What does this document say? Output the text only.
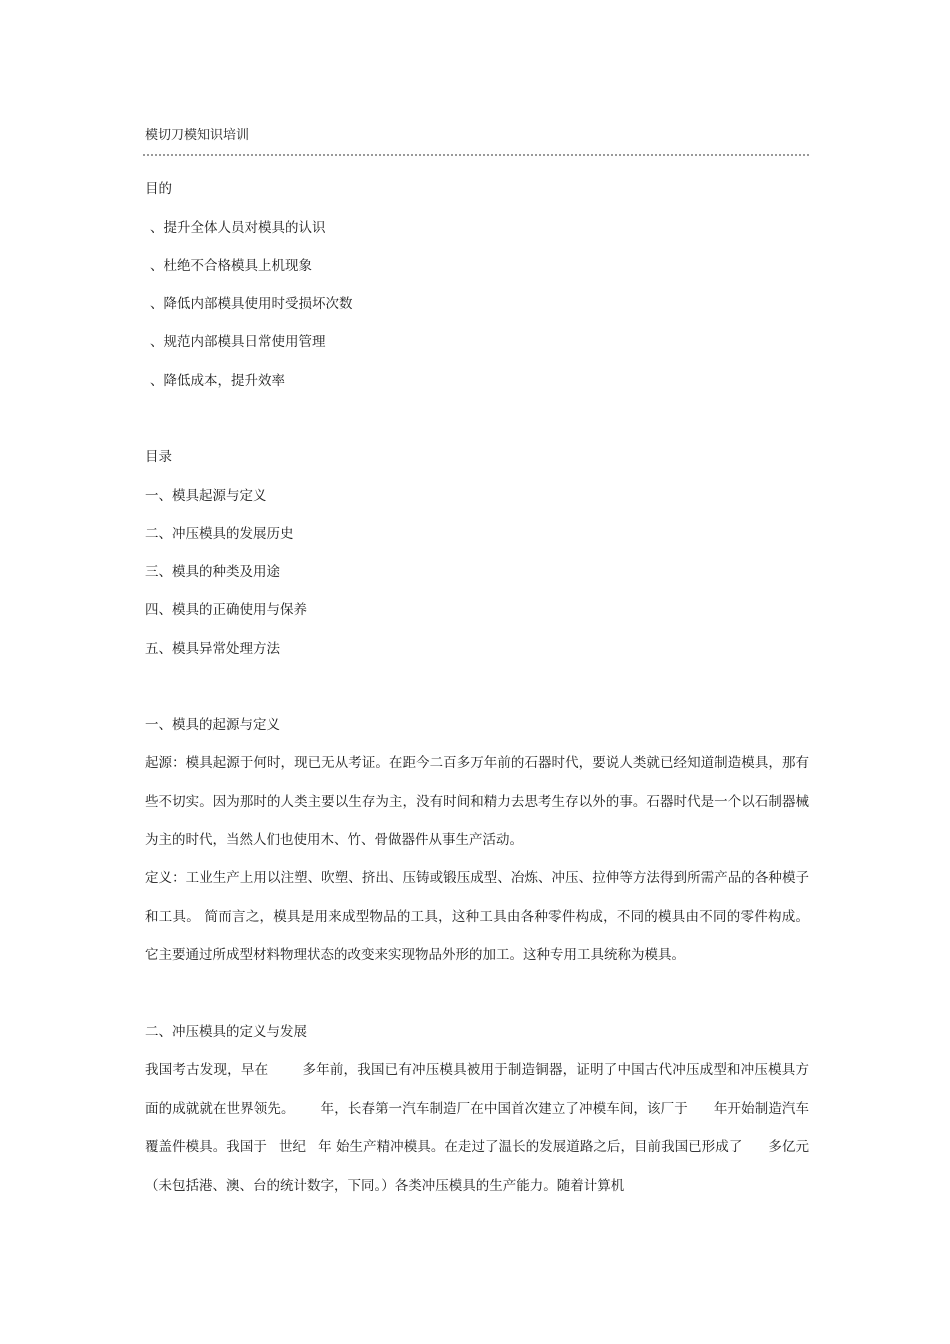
模切刀模知识培训
目的
、提升全体人员对模具的认识
、杜绝不合格模具上机现象
、降低内部模具使用时受损坏次数
、规范内部模具日常使用管理
、降低成本，提升效率
目录
一、模具起源与定义
二、冲压模具的发展历史
三、模具的种类及用途
四、模具的正确使用与保养
五、模具异常处理方法
一、模具的起源与定义
起源：模具起源于何时，现已无从考证。在距今二百多万年前的石器时代，要说人类就已经知道制造模具，那有些不切实。因为那时的人类主要以生存为主，没有时间和精力去思考生存以外的事。石器时代是一个以石制器械为主的时代，当然人们也使用木、竹、骨做器件从事生产活动。
定义：工业生产上用以注塑、吹塑、挤出、压铸或锻压成型、冶炼、冲压、拉伸等方法得到所需产品的各种模子和工具。 简而言之，模具是用来成型物品的工具，这种工具由各种零件构成，不同的模具由不同的零件构成。它主要通过所成型材料物理状态的改变来实现物品外形的加工。这种专用工具统称为模具。
二、冲压模具的定义与发展
我国考古发现，早在	多年前，我国已有冲压模具被用于制造铜器，证明了中国古代冲压成型和冲压模具方面的成就就在世界领先。 年，长春第一汽车制造厂在中国首次建立了冲模车间，该厂于 年开始制造汽车覆盖件模具。我国于 世纪 年 始生产精冲模具。在走过了温长的发展道路之后，目前我国已形成了 多亿元（未包括港、澳、台的统计数字，下同。）各类冲压模具的生产能力。随着计算机
